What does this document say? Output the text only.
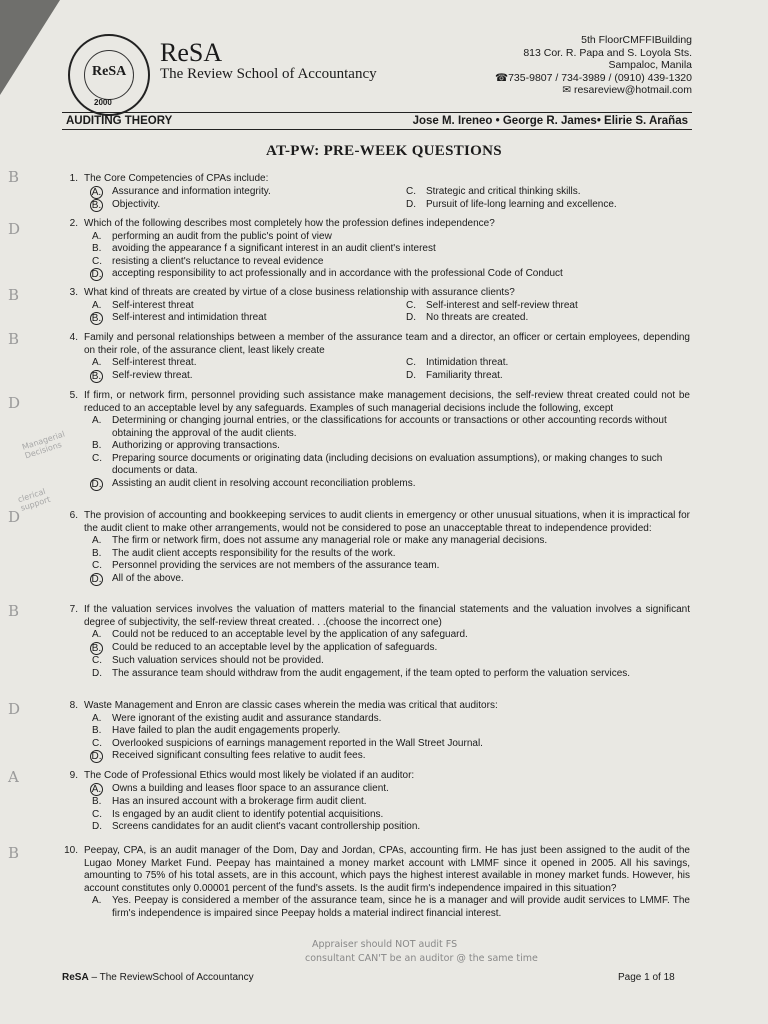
ReSA
2000
ReSA
The Review School of Accountancy
5th FloorCMFFIBuilding
813 Cor. R. Papa and S. Loyola Sts.
Sampaloc, Manila
☎735-9807 / 734-3989 / (0910) 439-1320
✉ resareview@hotmail.com
AUDITING THEORY	Jose M. Ireneo • George R. James• Elirie S. Arañas
AT-PW: PRE-WEEK QUESTIONS
B
D
B
B
D
D
B
D
A
B
Managerial Decisions
clerical support
1. The Core Competencies of CPAs include:
A.	Assurance and information integrity.	C.	Strategic and critical thinking skills.
B.	Objectivity.	D.	Pursuit of life-long learning and excellence.
2. Which of the following describes most completely how the profession defines independence?
A.	performing an audit from the public's point of view
B.	avoiding the appearance f a significant interest in an audit client's interest
C.	resisting a client's reluctance to reveal evidence
D.	accepting responsibility to act professionally and in accordance with the professional Code of Conduct
3. What kind of threats are created by virtue of a close business relationship with assurance clients?
A.	Self-interest threat	C.	Self-interest and self-review threat
B.	Self-interest and intimidation threat	D.	No threats are created.
4. Family and personal relationships between a member of the assurance team and a director, an officer or certain employees, depending on their role, of the assurance client, least likely create
A.	Self-interest threat.	C.	Intimidation threat.
B.	Self-review threat.	D.	Familiarity threat.
5. If firm, or network firm, personnel providing such assistance make management decisions, the self-review threat created could not be reduced to an acceptable level by any safeguards. Examples of such managerial decisions include the following, except
A.	Determining or changing journal entries, or the classifications for accounts or transactions or other accounting records without obtaining the approval of the audit clients.
B.	Authorizing or approving transactions.
C.	Preparing source documents or originating data (including decisions on evaluation assumptions), or making changes to such documents or data.
D.	Assisting an audit client in resolving account reconciliation problems.
6. The provision of accounting and bookkeeping services to audit clients in emergency or other unusual situations, when it is impractical for the audit client to make other arrangements, would not be considered to pose an unacceptable threat to independence provided:
A.	The firm or network firm, does not assume any managerial role or make any managerial decisions.
B.	The audit client accepts responsibility for the results of the work.
C.	Personnel providing the services are not members of the assurance team.
D.	All of the above.
7. If the valuation services involves the valuation of matters material to the financial statements and the valuation involves a significant degree of subjectivity, the self-review threat created. . .(choose the incorrect one)
A.	Could not be reduced to an acceptable level by the application of any safeguard.
B.	Could be reduced to an acceptable level by the application of safeguards.
C.	Such valuation services should not be provided.
D.	The assurance team should withdraw from the audit engagement, if the team opted to perform the valuation services.
8. Waste Management and Enron are classic cases wherein the media was critical that auditors:
A.	Were ignorant of the existing audit and assurance standards.
B.	Have failed to plan the audit engagements properly.
C.	Overlooked suspicions of earnings management reported in the Wall Street Journal.
D.	Received significant consulting fees relative to audit fees.
9. The Code of Professional Ethics would most likely be violated if an auditor:
A.	Owns a building and leases floor space to an assurance client.
B.	Has an insured account with a brokerage firm audit client.
C.	Is engaged by an audit client to identify potential acquisitions.
D.	Screens candidates for an audit client's vacant controllership position.
10. Peepay, CPA, is an audit manager of the Dom, Day and Jordan, CPAs, accounting firm. He has just been assigned to the audit of the Lugao Money Market Fund. Peepay has maintained a money market account with LMMF since it opened in 2005. All his savings, amounting to 75% of his total assets, are in this account, which pays the highest interest available in money market funds. However, his account constitutes only 0.00001 percent of the fund's assets. Is the audit firm's independence impaired in this situation?
A.	Yes. Peepay is considered a member of the assurance team, since he is a manager and will provide audit services to LMMF. The firm's independence is impaired since Peepay holds a material indirect financial interest.
Appraiser should NOT audit FS
consultant CAN'T be an auditor @ the same time
ReSA – The ReviewSchool of Accountancy	Page 1 of 18
